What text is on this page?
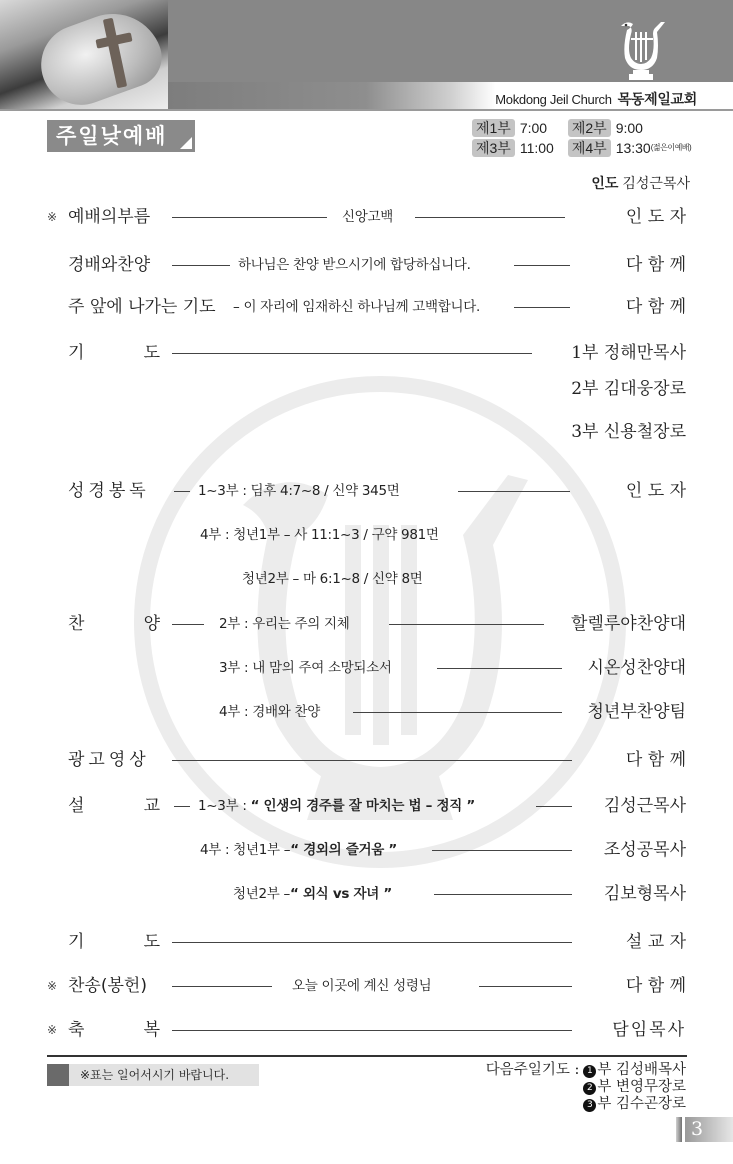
Mokdong Jeil Church 목동제일교회
주일낮예배	제1부 7:00	제2부 9:00
제3부 11:00	제4부 13:30 (젊은이예배)
인도 김성근목사
※ 예배의부름	신앙고백	인 도 자
경배와찬양	하나님은 찬양 받으시기에 합당하십니다.	다 함 께
주 앞에 나가는 기도 – 이 자리에 임재하신 하나님께 고백합니다.	다 함 께
기	도	1부 정해만목사
2부 김대웅장로
3부 신용철장로
성경봉독	1~3부 : 딤후 4:7~8 / 신약 345면	인 도 자
4부 : 청년1부 – 사 11:1~3 / 구약 981면
청년2부 – 마 6:1~8 / 신약 8면
찬	양	2부 : 우리는 주의 지체	할렐루야찬양대
3부 : 내 맘의 주여 소망되소서	시온성찬양대
4부 : 경배와 찬양	청년부찬양팀
광고영상	다 함 께
설	교	1~3부 : “ 인생의 경주를 잘 마치는 법 – 정직 ”	김성근목사
4부 : 청년1부 –“ 경외의 즐거움 ”	조성공목사
청년2부 –“ 외식 vs 자녀 ”	김보형목사
기	도	설 교 자
※ 찬송(봉헌)	오늘 이곳에 계신 성령님	다 함 께
※ 축	복	담임목사
※표는 일어서시기 바랍니다.	다음주일기도 : 1 부 김성배목사
2 부 변영무장로
3 부 김수곤장로
3
